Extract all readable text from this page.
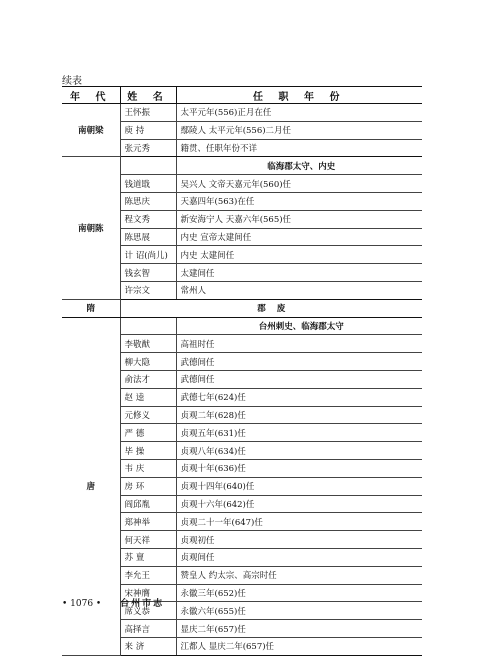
续表
年 代	姓 名	任 职 年 份
南朝梁	王怀振	太平元年(556)正月在任
	庾 持	鄢陵人 太平元年(556)二月任
	张元秀	籍贯、任职年份不详
南朝陈		临海郡太守、内史
	钱道戢	吴兴人 文帝天嘉元年(560)任
	陈思庆	天嘉四年(563)在任
	程文秀	新安海宁人 天嘉六年(565)任
	陈思展	内史 宣帝太建间任
	计 诏(尚儿)	内史 太建间任
	钱玄智	太建间任
	许宗文	常州人
隋	郡 废	
唐		台州刺史、临海郡太守
	李敬猷	高祖时任
	柳大隐	武德间任
	俞法才	武德间任
	赵 逵	武德七年(624)任
	元修义	贞观二年(628)任
	严 德	贞观五年(631)任
	毕 操	贞观八年(634)任
	韦 庆	贞观十年(636)任
	房 环	贞观十四年(640)任
	阎邱胤	贞观十六年(642)任
	郑神举	贞观二十一年(647)任
	何天祥	贞观初任
	苏 亶	贞观间任
	李允王	赞皇人 约太宗、高宗时任
	宋神膺	永徽三年(652)任
	席义恭	永徽六年(655)任
	高择言	显庆二年(657)任
	来 济	江都人 显庆二年(657)任
• 1076 • 台州市志
